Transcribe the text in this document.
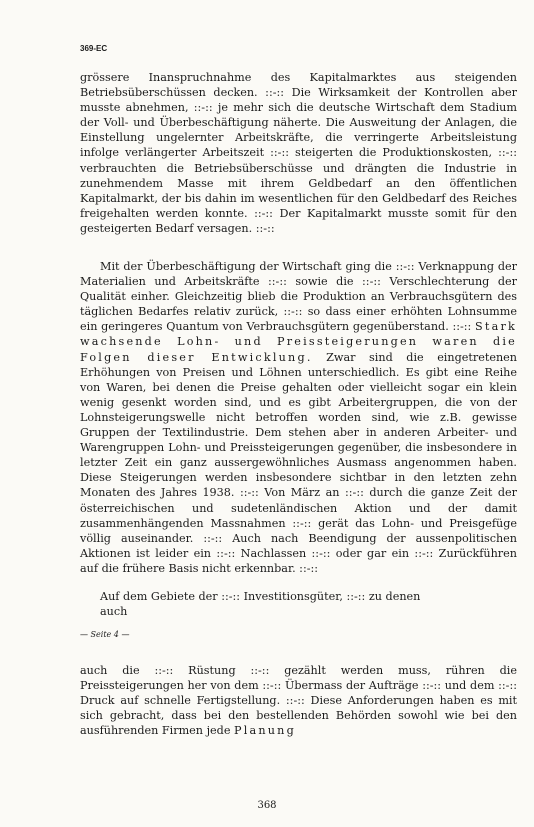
369-EC

grössere Inanspruchnahme des Kapitalmarktes aus steigenden Betriebsüberschüssen decken. ::-:: Die Wirksamkeit der Kontrollen aber musste abnehmen, ::-:: je mehr sich die deutsche Wirtschaft dem Stadium der Voll- und Überbeschäftigung näherte. Die Ausweitung der Anlagen, die Einstellung ungelernter Arbeitskräfte, die verringerte Arbeitsleistung infolge verlängerter Arbeitszeit ::-:: steigerten die Produktionskosten, ::-:: verbrauchten die Betriebsüberschüsse und drängten die Industrie in zunehmendem Masse mit ihrem Geldbedarf an den öffentlichen Kapitalmarkt, der bis dahin im wesentlichen für den Geldbedarf des Reiches freigehalten werden konnte. ::-:: Der Kapitalmarkt musste somit für den gesteigerten Bedarf versagen. ::-::

Mit der Überbeschäftigung der Wirtschaft ging die ::-:: Verknappung der Materialien und Arbeitskräfte ::-:: sowie die ::-:: Verschlechterung der Qualität einher. Gleichzeitig blieb die Produktion an Verbrauchsgütern des täglichen Bedarfes relativ zurück, ::-:: so dass einer erhöhten Lohnsumme ein geringeres Quantum von Verbrauchsgütern gegenüberstand. ::-:: Stark wachsende Lohn- und Preissteigerungen waren die Folgen dieser Entwicklung. Zwar sind die eingetretenen Erhöhungen von Preisen und Löhnen unterschiedlich. Es gibt eine Reihe von Waren, bei denen die Preise gehalten oder vielleicht sogar ein klein wenig gesenkt worden sind, und es gibt Arbeitergruppen, die von der Lohnsteigerungswelle nicht betroffen worden sind, wie z.B. gewisse Gruppen der Textilindustrie. Dem stehen aber in anderen Arbeiter- und Warengruppen Lohn- und Preissteigerungen gegenüber, die insbesondere in letzter Zeit ein ganz aussergewöhnliches Ausmass angenommen haben. Diese Steigerungen werden insbesondere sichtbar in den letzten zehn Monaten des Jahres 1938. ::-:: Von März an ::-:: durch die ganze Zeit der österreichischen und sudetenländischen Aktion und der damit zusammenhängenden Massnahmen ::-:: gerät das Lohn- und Preisgefüge völlig auseinander. ::-:: Auch nach Beendigung der aussenpolitischen Aktionen ist leider ein ::-:: Nachlassen ::-:: oder gar ein ::-:: Zurückführen auf die frühere Basis nicht erkennbar. ::-::

Auf dem Gebiete der ::-:: Investitionsgüter, ::-:: zu denen
auch

— Seite 4 —

auch die ::-:: Rüstung ::-:: gezählt werden muss, rühren die Preissteigerungen her von dem ::-:: Übermass der Aufträge ::-:: und dem ::-:: Druck auf schnelle Fertigstellung. ::-:: Diese Anforderungen haben es mit sich gebracht, dass bei den bestellenden Behörden sowohl wie bei den ausführenden Firmen jede Planung

368
